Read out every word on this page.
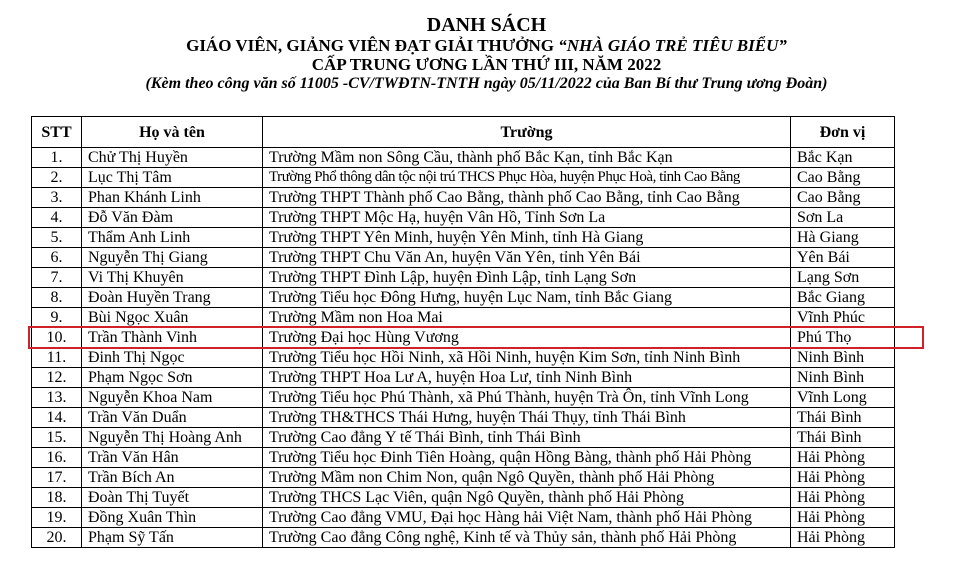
DANH SÁCH
GIÁO VIÊN, GIẢNG VIÊN ĐẠT GIẢI THƯỞNG “NHÀ GIÁO TRẺ TIÊU BIỂU”
CẤP TRUNG ƯƠNG LẦN THỨ III, NĂM 2022
(Kèm theo công văn số 11005 -CV/TWĐTN-TNTH ngày 05/11/2022 của Ban Bí thư Trung ương Đoàn)
STT	Họ và tên	Trường	Đơn vị
1.	Chử Thị Huyền	Trường Mầm non Sông Cầu, thành phố Bắc Kạn, tỉnh Bắc Kạn	Bắc Kạn
2.	Lục Thị Tâm	Trường Phổ thông dân tộc nội trú THCS Phục Hòa, huyện Phục Hoà, tỉnh Cao Bằng	Cao Bằng
3.	Phan Khánh Linh	Trường THPT Thành phố Cao Bằng, thành phố Cao Bằng, tỉnh Cao Bằng	Cao Bằng
4.	Đỗ Văn Đàm	Trường THPT Mộc Hạ, huyện Vân Hồ, Tỉnh Sơn La	Sơn La
5.	Thẩm Anh Linh	Trường THPT Yên Minh, huyện Yên Minh, tỉnh Hà Giang	Hà Giang
6.	Nguyễn Thị Giang	Trường THPT Chu Văn An, huyện Văn Yên, tỉnh Yên Bái	Yên Bái
7.	Vi Thị Khuyên	Trường THPT Đình Lập, huyện Đình Lập, tỉnh Lạng Sơn	Lạng Sơn
8.	Đoàn Huyền Trang	Trường Tiểu học Đông Hưng, huyện Lục Nam, tỉnh Bắc Giang	Bắc Giang
9.	Bùi Ngọc Xuân	Trường Mầm non Hoa Mai	Vĩnh Phúc
10.	Trần Thành Vinh	Trường Đại học Hùng Vương	Phú Thọ
11.	Đinh Thị Ngọc	Trường Tiểu học Hồi Ninh, xã Hồi Ninh, huyện Kim Sơn, tỉnh Ninh Bình	Ninh Bình
12.	Phạm Ngọc Sơn	Trường THPT Hoa Lư A, huyện Hoa Lư, tỉnh Ninh Bình	Ninh Bình
13.	Nguyễn Khoa Nam	Trường Tiểu học Phú Thành, xã Phú Thành, huyện Trà Ôn, tỉnh Vĩnh Long	Vĩnh Long
14.	Trần Văn Duẩn	Trường TH&THCS Thái Hưng, huyện Thái Thụy, tỉnh Thái Bình	Thái Bình
15.	Nguyễn Thị Hoàng Anh	Trường Cao đẳng Y tế Thái Bình, tỉnh Thái Bình	Thái Bình
16.	Trần Văn Hân	Trường Tiểu học Đinh Tiên Hoàng, quận Hồng Bàng, thành phố Hải Phòng	Hải Phòng
17.	Trần Bích An	Trường Mầm non Chim Non, quận Ngô Quyền, thành phố Hải Phòng	Hải Phòng
18.	Đoàn Thị Tuyết	Trường THCS Lạc Viên, quận Ngô Quyền, thành phố Hải Phòng	Hải Phòng
19.	Đồng Xuân Thìn	Trường Cao đẳng VMU, Đại học Hàng hải Việt Nam, thành phố Hải Phòng	Hải Phòng
20.	Phạm Sỹ Tấn	Trường Cao đẳng Công nghệ, Kinh tế và Thủy sản, thành phố Hải Phòng	Hải Phòng
